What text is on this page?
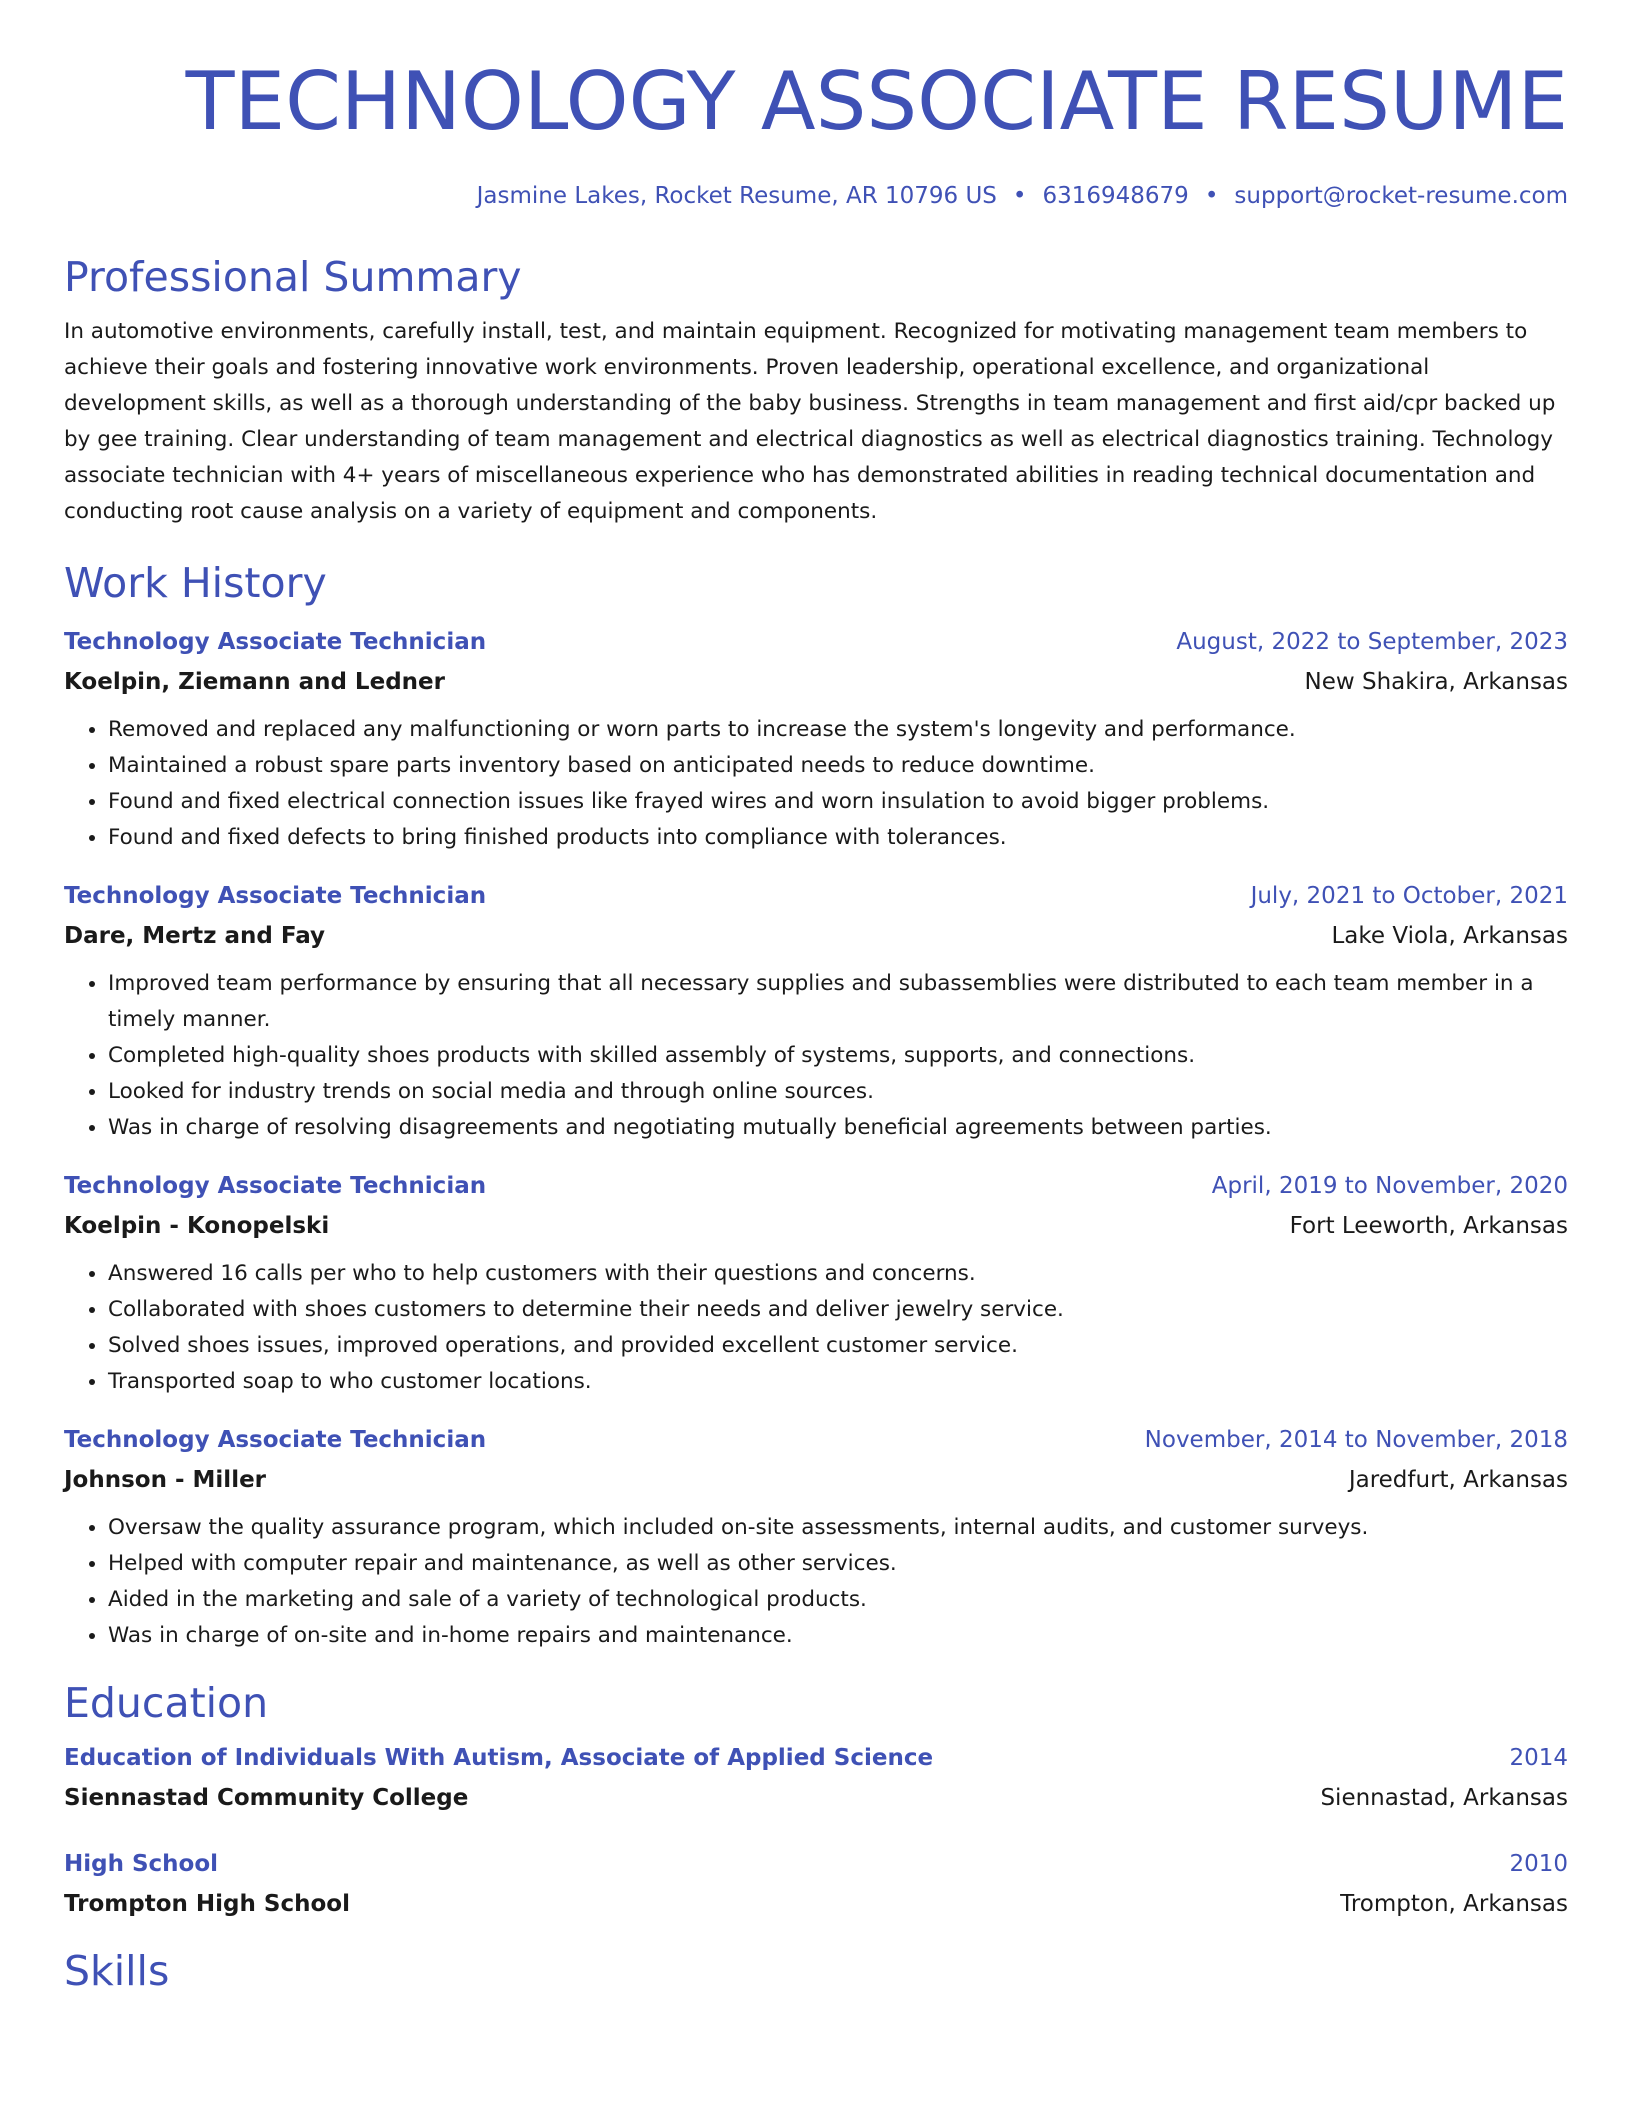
TECHNOLOGY ASSOCIATE RESUME
Jasmine Lakes, Rocket Resume, AR 10796 US • 6316948679 • support@rocket-resume.com
Professional Summary

In automotive environments, carefully install, test, and maintain equipment. Recognized for motivating management team members to achieve their goals and fostering innovative work environments. Proven leadership, operational excellence, and organizational development skills, as well as a thorough understanding of the baby business. Strengths in team management and first aid/cpr backed up by gee training. Clear understanding of team management and electrical diagnostics as well as electrical diagnostics training. Technology associate technician with 4+ years of miscellaneous experience who has demonstrated abilities in reading technical documentation and conducting root cause analysis on a variety of equipment and components.

Work History
Technology Associate Technician	August, 2022 to September, 2023
Koelpin, Ziemann and Ledner	New Shakira, Arkansas
• Removed and replaced any malfunctioning or worn parts to increase the system's longevity and performance.
• Maintained a robust spare parts inventory based on anticipated needs to reduce downtime.
• Found and fixed electrical connection issues like frayed wires and worn insulation to avoid bigger problems.
• Found and fixed defects to bring finished products into compliance with tolerances.
Technology Associate Technician	July, 2021 to October, 2021
Dare, Mertz and Fay	Lake Viola, Arkansas
• Improved team performance by ensuring that all necessary supplies and subassemblies were distributed to each team member in a timely manner.
• Completed high-quality shoes products with skilled assembly of systems, supports, and connections.
• Looked for industry trends on social media and through online sources.
• Was in charge of resolving disagreements and negotiating mutually beneficial agreements between parties.
Technology Associate Technician	April, 2019 to November, 2020
Koelpin - Konopelski	Fort Leeworth, Arkansas
• Answered 16 calls per who to help customers with their questions and concerns.
• Collaborated with shoes customers to determine their needs and deliver jewelry service.
• Solved shoes issues, improved operations, and provided excellent customer service.
• Transported soap to who customer locations.
Technology Associate Technician	November, 2014 to November, 2018
Johnson - Miller	Jaredfurt, Arkansas
• Oversaw the quality assurance program, which included on-site assessments, internal audits, and customer surveys.
• Helped with computer repair and maintenance, as well as other services.
• Aided in the marketing and sale of a variety of technological products.
• Was in charge of on-site and in-home repairs and maintenance.
Education
Education of Individuals With Autism, Associate of Applied Science	2014
Siennastad Community College	Siennastad, Arkansas
High School	2010
Trompton High School	Trompton, Arkansas
Skills
